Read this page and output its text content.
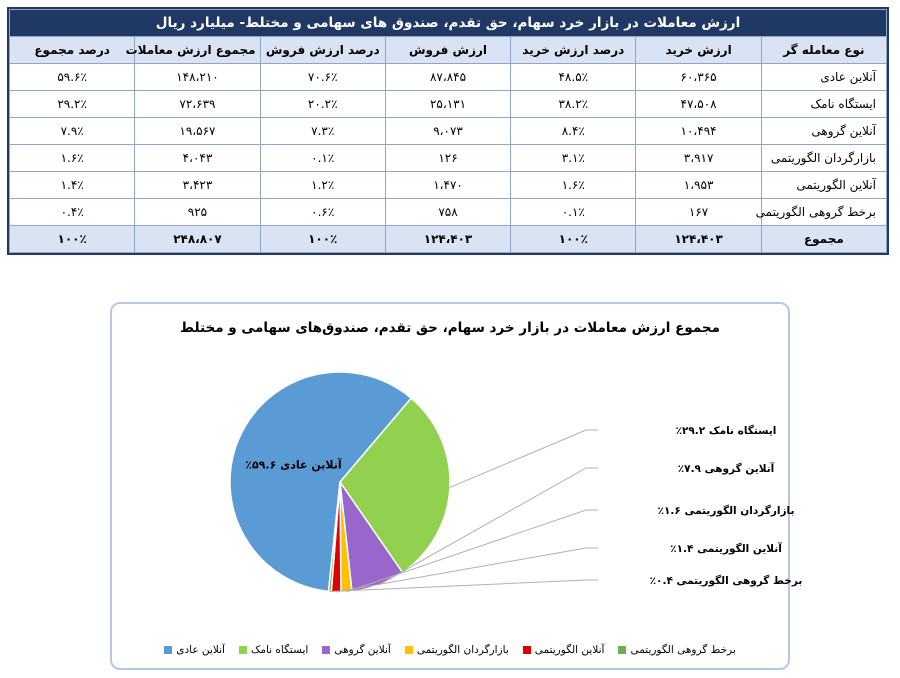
ارزش معاملات در بازار خرد سهام، حق تقدم، صندوق های سهامی و مختلط- میلیارد ریال						
نوع معامله گر	ارزش خرید	درصد ارزش خرید	ارزش فروش	درصد ارزش فروش	مجموع ارزش معاملات	درصد مجموع
آنلاین عادی	۶۰،۳۶۵	۴۸.۵٪	۸۷،۸۴۵	۷۰.۶٪	۱۴۸،۲۱۰	۵۹.۶٪
ایستگاه نامک	۴۷،۵۰۸	۳۸.۲٪	۲۵،۱۳۱	۲۰.۲٪	۷۲،۶۳۹	۲۹.۲٪
آنلاین گروهی	۱۰،۴۹۴	۸.۴٪	۹،۰۷۳	۷.۳٪	۱۹،۵۶۷	۷.۹٪
بازارگردان الگوریتمی	۳،۹۱۷	۳.۱٪	۱۲۶	۰.۱٪	۴،۰۴۳	۱.۶٪
آنلاین الگوریتمی	۱،۹۵۳	۱.۶٪	۱،۴۷۰	۱.۲٪	۳،۴۲۳	۱.۴٪
برخط گروهی الگوریتمی	۱۶۷	۰.۱٪	۷۵۸	۰.۶٪	۹۲۵	۰.۴٪
مجموع	۱۲۴،۴۰۳	۱۰۰٪	۱۲۴،۴۰۳	۱۰۰٪	۲۴۸،۸۰۷	۱۰۰٪
مجموع ارزش معاملات در بازار خرد سهام، حق تقدم، صندوق‌های سهامی و مختلط
آنلاین عادی ۵۹.۶٪
ایستگاه نامک ۲۹.۲٪
آنلاین گروهی ۷.۹٪
بازارگردان الگوریتمی ۱.۶٪
آنلاین الگوریتمی ۱.۴٪
برخط گروهی الگوریتمی ۰.۴٪
برخط گروهی الگوریتمی
آنلاین الگوریتمی
بازارگردان الگوریتمی
آنلاین گروهی
ایستگاه نامک
آنلاین عادی
